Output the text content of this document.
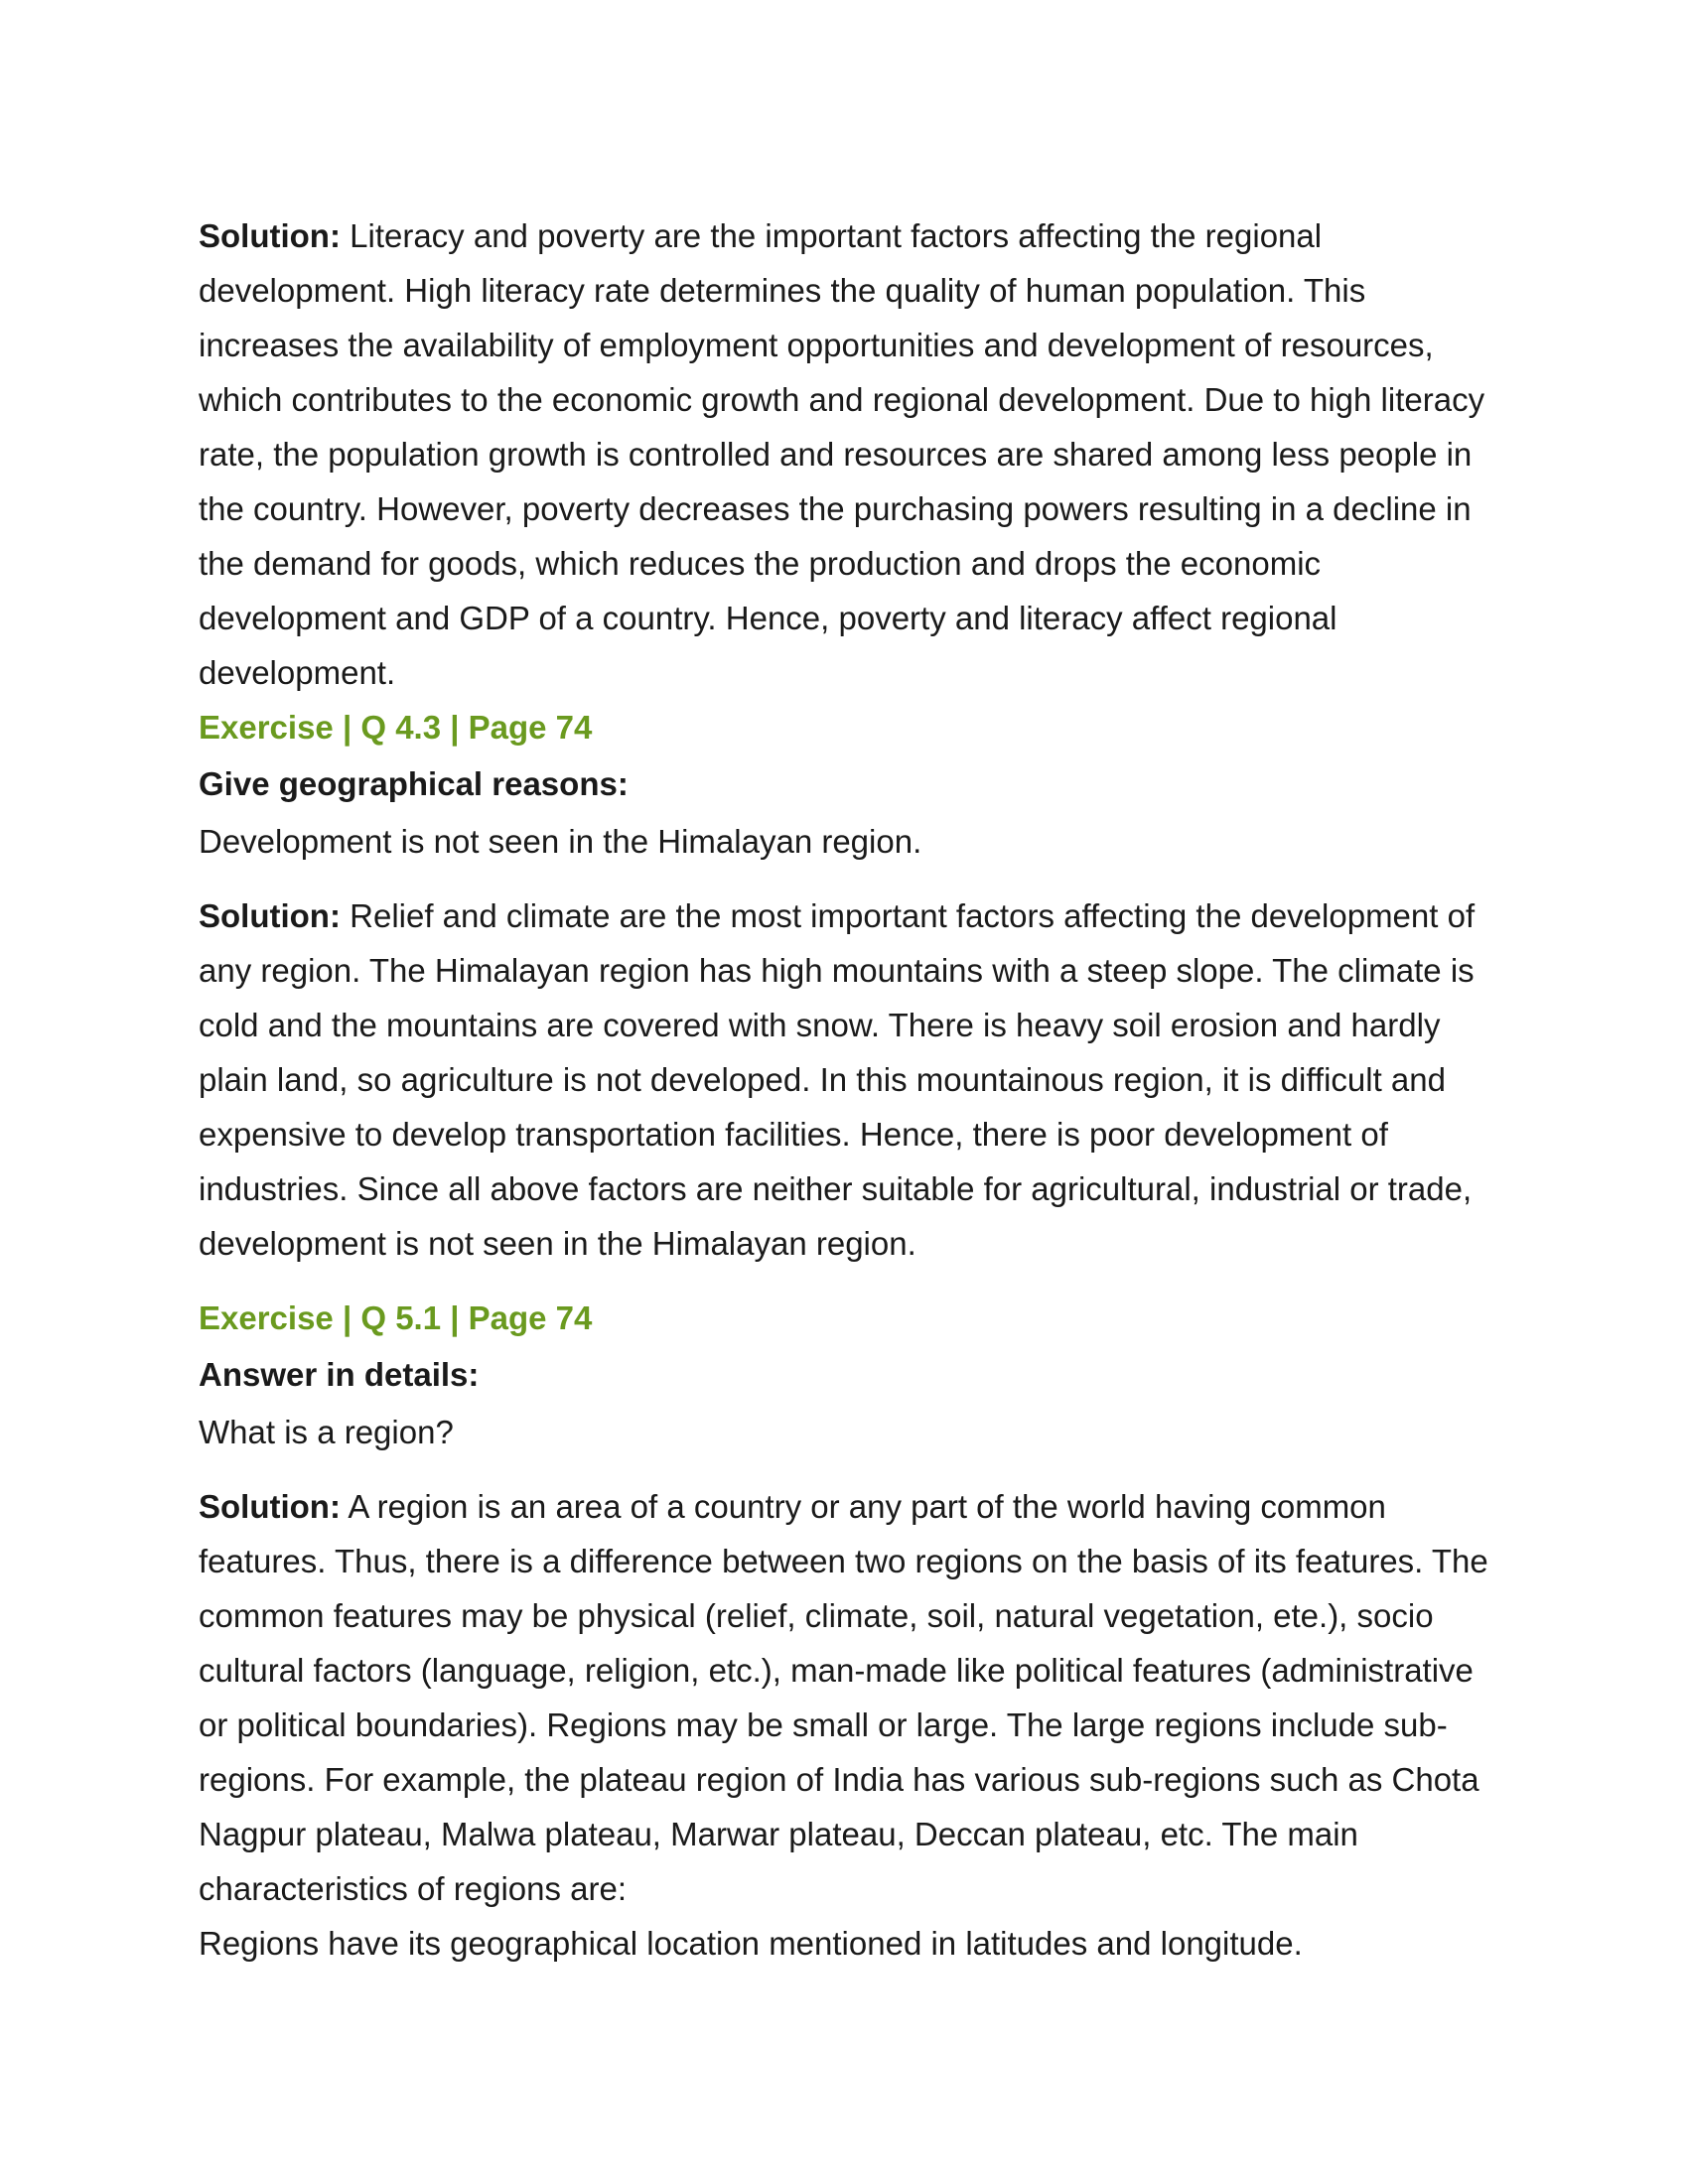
Solution: Literacy and poverty are the important factors affecting the regional development. High literacy rate determines the quality of human population. This increases the availability of employment opportunities and development of resources, which contributes to the economic growth and regional development. Due to high literacy rate, the population growth is controlled and resources are shared among less people in the country. However, poverty decreases the purchasing powers resulting in a decline in the demand for goods, which reduces the production and drops the economic development and GDP of a country. Hence, poverty and literacy affect regional development.

Exercise | Q 4.3 | Page 74

Give geographical reasons:

Development is not seen in the Himalayan region.

Solution: Relief and climate are the most important factors affecting the development of any region. The Himalayan region has high mountains with a steep slope. The climate is cold and the mountains are covered with snow. There is heavy soil erosion and hardly plain land, so agriculture is not developed. In this mountainous region, it is difficult and expensive to develop transportation facilities. Hence, there is poor development of industries. Since all above factors are neither suitable for agricultural, industrial or trade, development is not seen in the Himalayan region.

Exercise | Q 5.1 | Page 74

Answer in details:

What is a region?

Solution: A region is an area of a country or any part of the world having common features. Thus, there is a difference between two regions on the basis of its features. The common features may be physical (relief, climate, soil, natural vegetation, ete.), socio cultural factors (language, religion, etc.), man-made like political features (administrative or political boundaries). Regions may be small or large. The large regions include sub-regions. For example, the plateau region of India has various sub-regions such as Chota Nagpur plateau, Malwa plateau, Marwar plateau, Deccan plateau, etc. The main characteristics of regions are:

Regions have its geographical location mentioned in latitudes and longitude.
